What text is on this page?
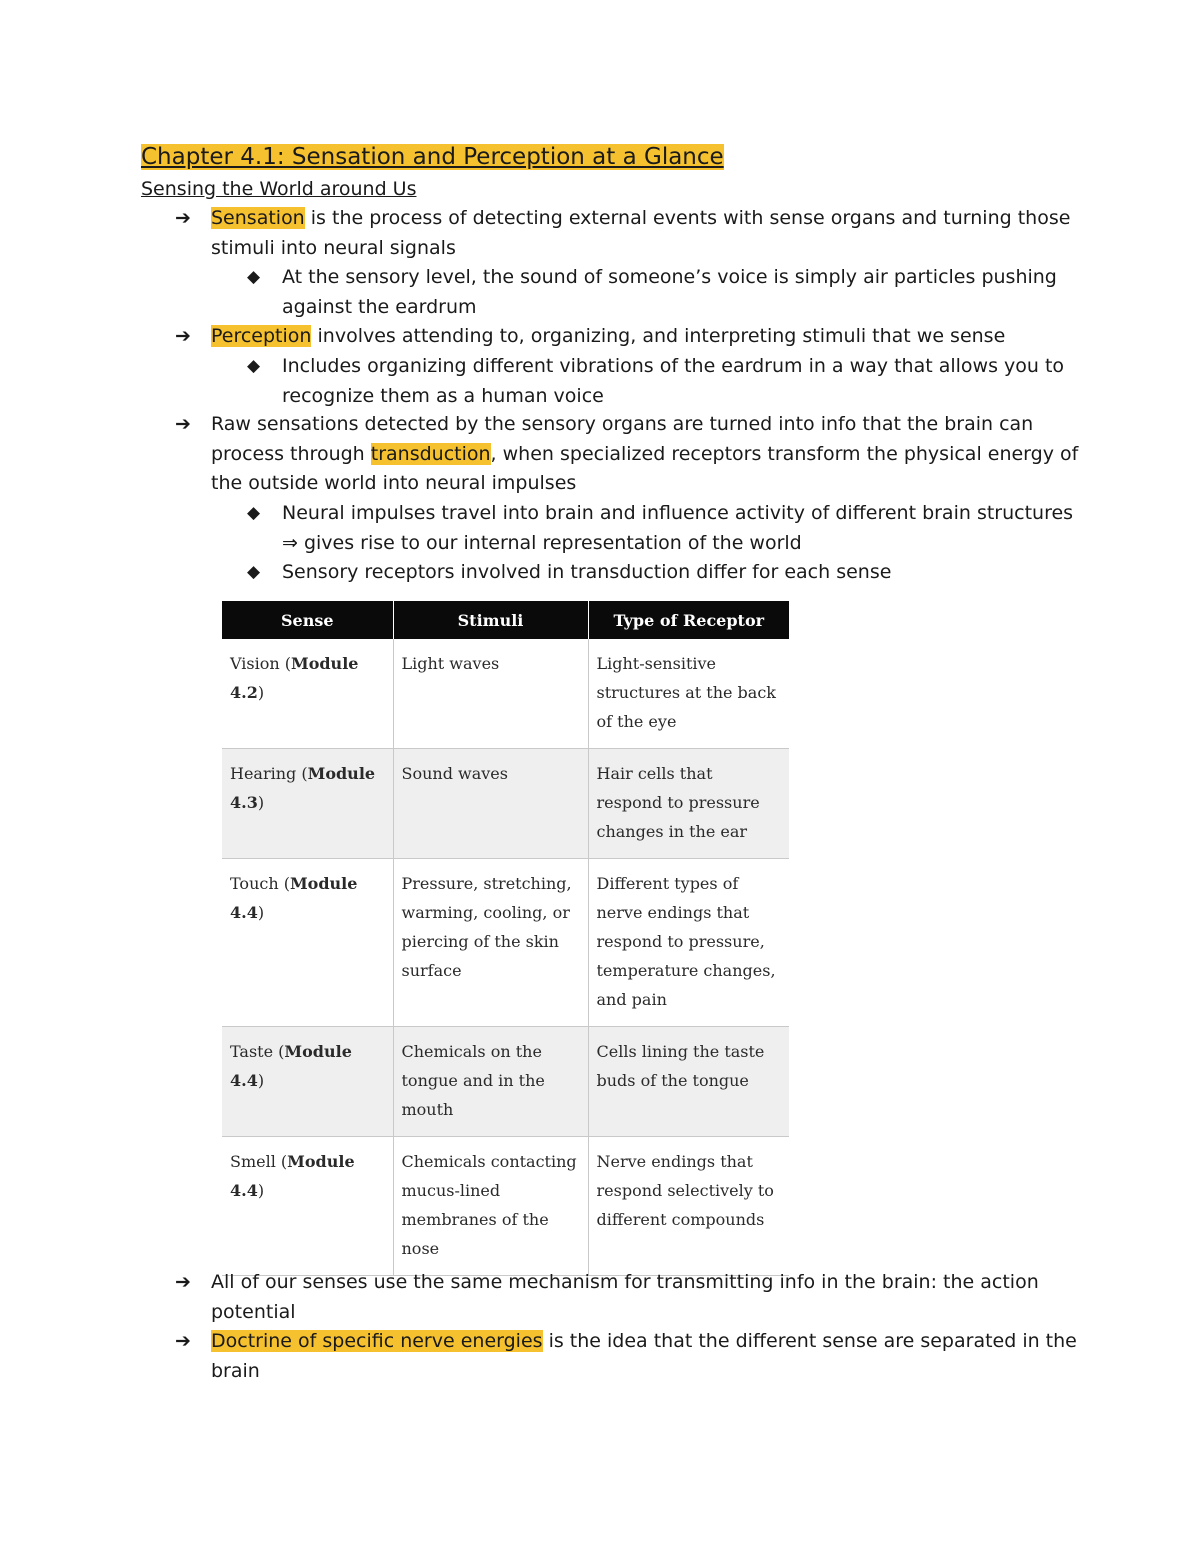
Chapter 4.1: Sensation and Perception at a Glance
Sensing the World around Us
➔ Sensation is the process of detecting external events with sense organs and turning those stimuli into neural signals
◆ At the sensory level, the sound of someone’s voice is simply air particles pushing against the eardrum
➔ Perception involves attending to, organizing, and interpreting stimuli that we sense
◆ Includes organizing different vibrations of the eardrum in a way that allows you to recognize them as a human voice
➔ Raw sensations detected by the sensory organs are turned into info that the brain can process through transduction, when specialized receptors transform the physical energy of the outside world into neural impulses
◆ Neural impulses travel into brain and influence activity of different brain structures ⇒ gives rise to our internal representation of the world
◆ Sensory receptors involved in transduction differ for each sense
Sense	Stimuli	Type of Receptor
Vision (Module 4.2)	Light waves	Light-sensitive structures at the back of the eye
Hearing (Module 4.3)	Sound waves	Hair cells that respond to pressure changes in the ear
Touch (Module 4.4)	Pressure, stretching, warming, cooling, or piercing of the skin surface	Different types of nerve endings that respond to pressure, temperature changes, and pain
Taste (Module 4.4)	Chemicals on the tongue and in the mouth	Cells lining the taste buds of the tongue
Smell (Module 4.4)	Chemicals contacting mucus-lined membranes of the nose	Nerve endings that respond selectively to different compounds
➔ All of our senses use the same mechanism for transmitting info in the brain: the action potential
➔ Doctrine of specific nerve energies is the idea that the different sense are separated in the brain
